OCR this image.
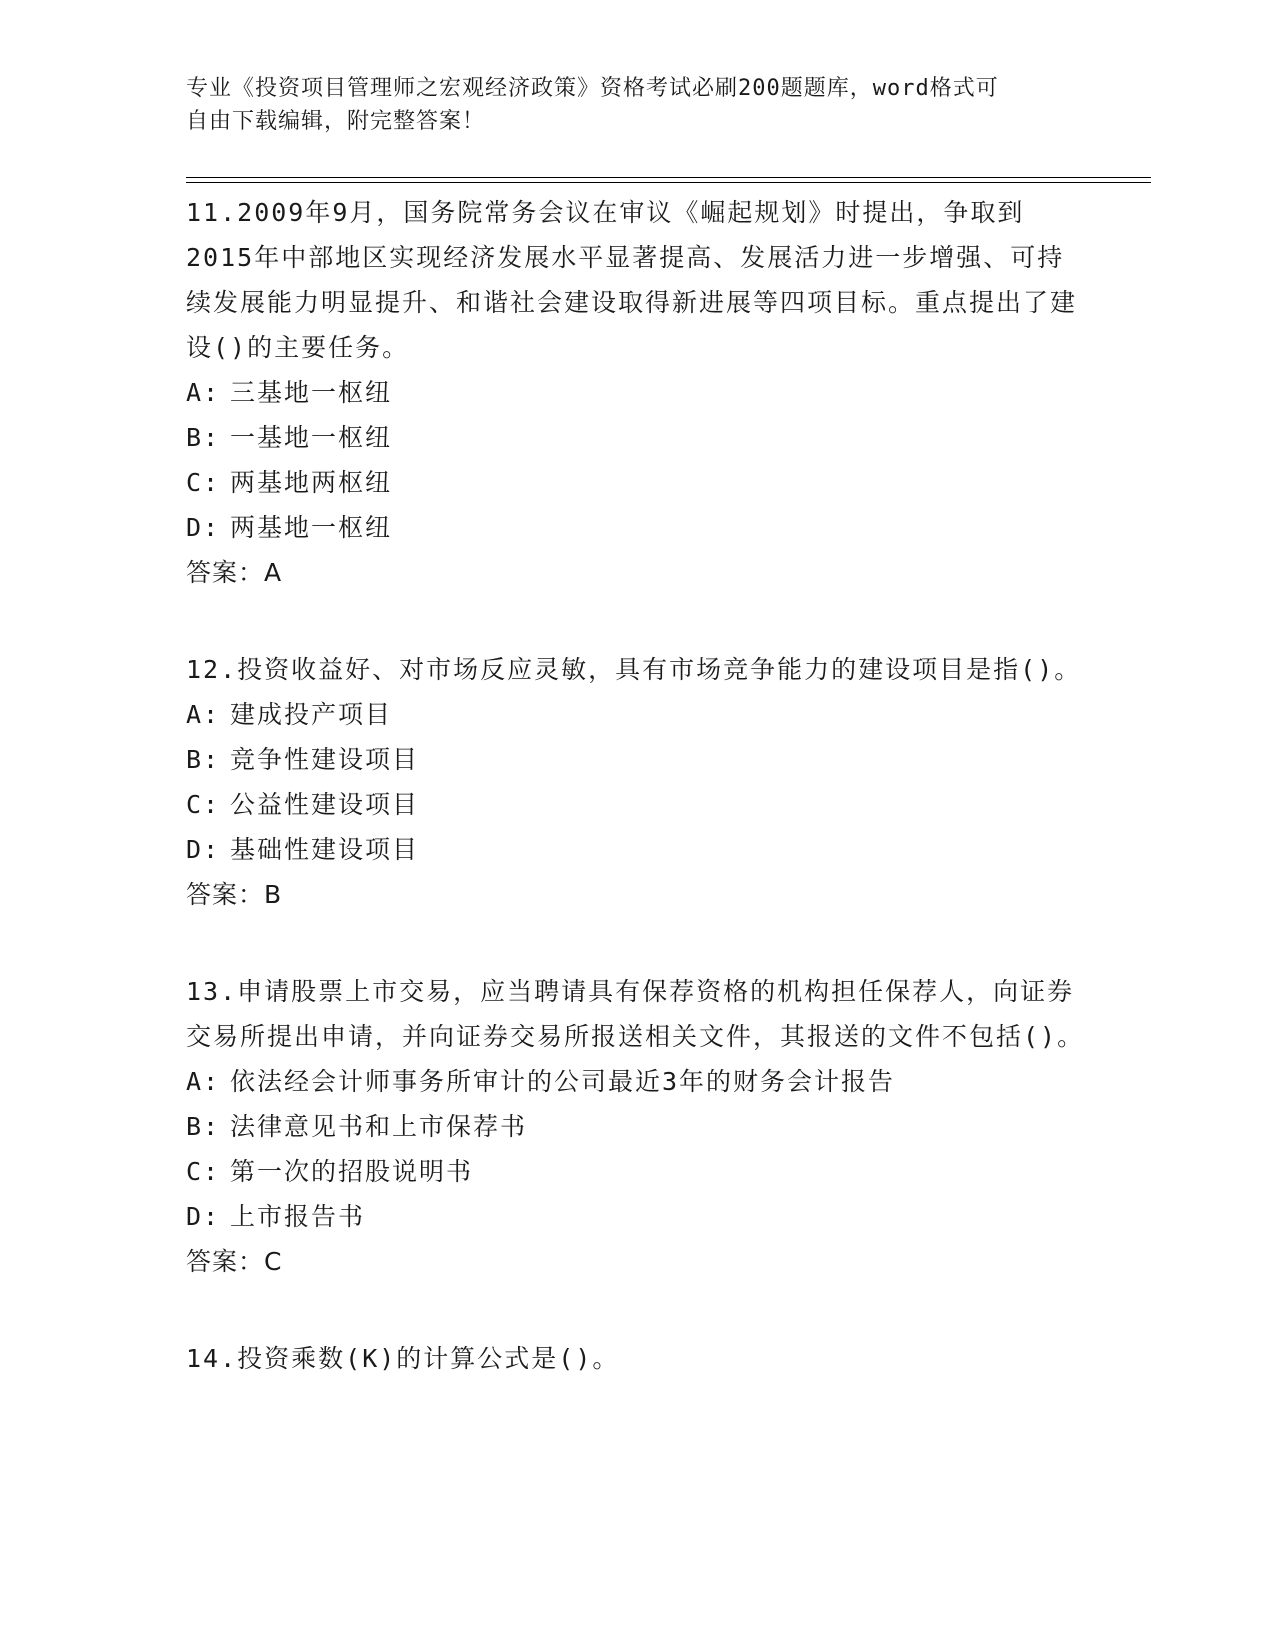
专业《投资项目管理师之宏观经济政策》资格考试必刷200题题库，word格式可
自由下载编辑，附完整答案！

11.2009年9月，国务院常务会议在审议《崛起规划》时提出，争取到2015年中部地区实现经济发展水平显著提高、发展活力进一步增强、可持续发展能力明显提升、和谐社会建设取得新进展等四项目标。重点提出了建设()的主要任务。

A: 三基地一枢纽

B: 一基地一枢纽

C: 两基地两枢纽

D: 两基地一枢纽

答案：A

12.投资收益好、对市场反应灵敏，具有市场竞争能力的建设项目是指()。

A: 建成投产项目

B: 竞争性建设项目

C: 公益性建设项目

D: 基础性建设项目

答案：B

13.申请股票上市交易，应当聘请具有保荐资格的机构担任保荐人，向证券交易所提出申请，并向证券交易所报送相关文件，其报送的文件不包括()。

A: 依法经会计师事务所审计的公司最近3年的财务会计报告

B: 法律意见书和上市保荐书

C: 第一次的招股说明书

D: 上市报告书

答案：C

14.投资乘数(K)的计算公式是()。
